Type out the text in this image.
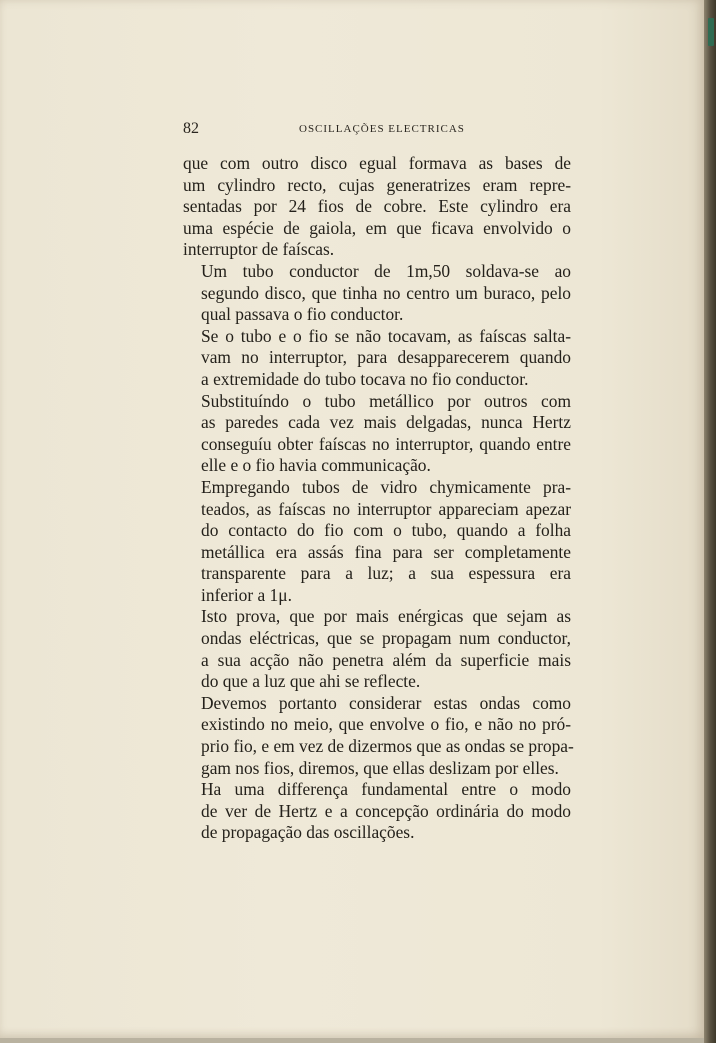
82	OSCILLAÇÕES ELECTRICAS

que com outro disco egual formava as bases de
um cylindro recto, cujas generatrizes eram repre-
sentadas por 24 fios de cobre. Este cylindro era
uma espécie de gaiola, em que ficava envolvido o
interruptor de faíscas.

Um tubo conductor de 1m,50 soldava-se ao
segundo disco, que tinha no centro um buraco, pelo
qual passava o fio conductor.

Se o tubo e o fio se não tocavam, as faíscas salta-
vam no interruptor, para desapparecerem quando
a extremidade do tubo tocava no fio conductor.

Substituíndo o tubo metállico por outros com
as paredes cada vez mais delgadas, nunca Hertz
conseguíu obter faíscas no interruptor, quando entre
elle e o fio havia communicação.

Empregando tubos de vidro chymicamente pra-
teados, as faíscas no interruptor appareciam apezar
do contacto do fio com o tubo, quando a folha
metállica era assás fina para ser completamente
transparente para a luz; a sua espessura era
inferior a 1μ.

Isto prova, que por mais enérgicas que sejam as
ondas eléctricas, que se propagam num conductor,
a sua acção não penetra além da superficie mais
do que a luz que ahi se reflecte.

Devemos portanto considerar estas ondas como
existindo no meio, que envolve o fio, e não no pró-
prio fio, e em vez de dizermos que as ondas se propa-
gam nos fios, diremos, que ellas deslizam por elles.

Ha uma differença fundamental entre o modo
de ver de Hertz e a concepção ordinária do modo
de propagação das oscillações.
